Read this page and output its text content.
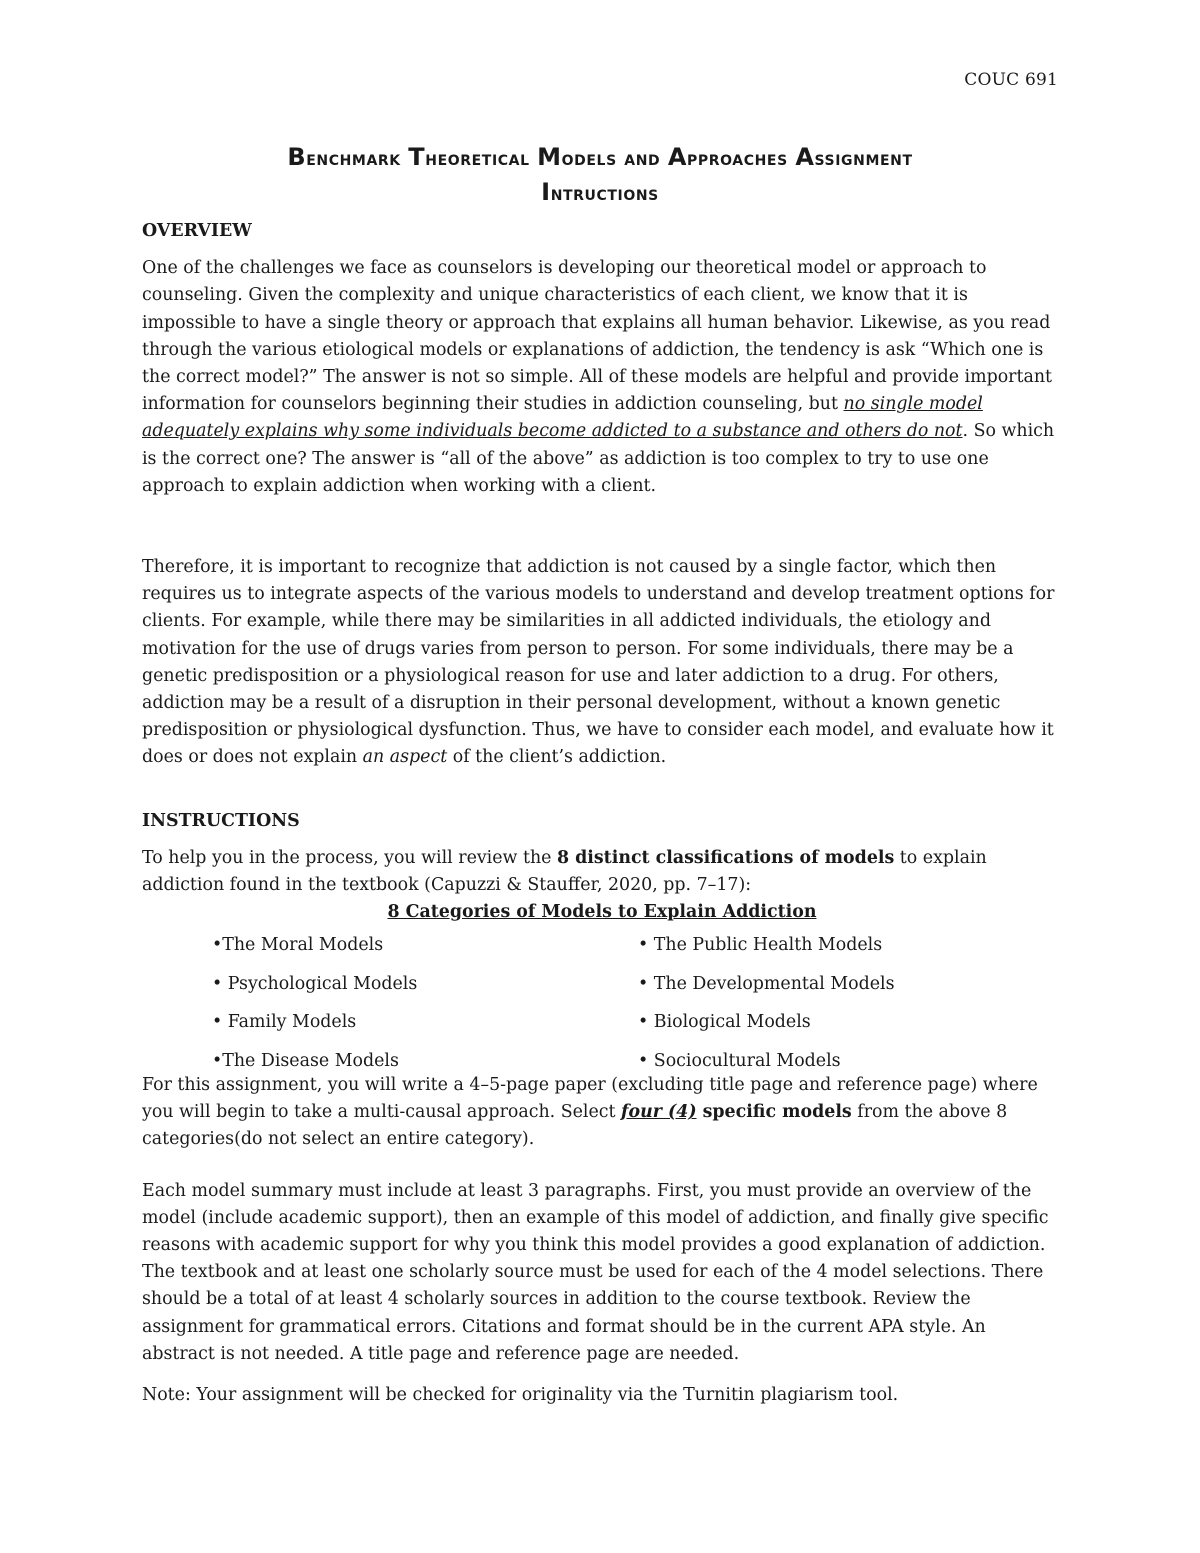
COUC 691
Benchmark Theoretical Models and Approaches Assignment
Intructions
OVERVIEW

One of the challenges we face as counselors is developing our theoretical model or approach to counseling. Given the complexity and unique characteristics of each client, we know that it is impossible to have a single theory or approach that explains all human behavior. Likewise, as you read through the various etiological models or explanations of addiction, the tendency is ask “Which one is the correct model?” The answer is not so simple. All of these models are helpful and provide important information for counselors beginning their studies in addiction counseling, but no single model adequately explains why some individuals become addicted to a substance and others do not. So which is the correct one? The answer is “all of the above” as addiction is too complex to try to use one approach to explain addiction when working with a client.

Therefore, it is important to recognize that addiction is not caused by a single factor, which then requires us to integrate aspects of the various models to understand and develop treatment options for clients. For example, while there may be similarities in all addicted individuals, the etiology and motivation for the use of drugs varies from person to person. For some individuals, there may be a genetic predisposition or a physiological reason for use and later addiction to a drug. For others, addiction may be a result of a disruption in their personal development, without a known genetic predisposition or physiological dysfunction. Thus, we have to consider each model, and evaluate how it does or does not explain an aspect of the client’s addiction.

INSTRUCTIONS

To help you in the process, you will review the 8 distinct classifications of models to explain addiction found in the textbook (Capuzzi & Stauffer, 2020, pp. 7–17):

8 Categories of Models to Explain Addiction
•The Moral Models	• The Public Health Models
• Psychological Models	• The Developmental Models
• Family Models	• Biological Models
•The Disease Models	• Sociocultural Models

For this assignment, you will write a 4–5-page paper (excluding title page and reference page) where you will begin to take a multi-causal approach. Select four (4) specific models from the above 8 categories(do not select an entire category).

Each model summary must include at least 3 paragraphs. First, you must provide an overview of the model (include academic support), then an example of this model of addiction, and finally give specific reasons with academic support for why you think this model provides a good explanation of addiction. The textbook and at least one scholarly source must be used for each of the 4 model selections. There should be a total of at least 4 scholarly sources in addition to the course textbook. Review the assignment for grammatical errors. Citations and format should be in the current APA style. An abstract is not needed. A title page and reference page are needed.

Note: Your assignment will be checked for originality via the Turnitin plagiarism tool.
